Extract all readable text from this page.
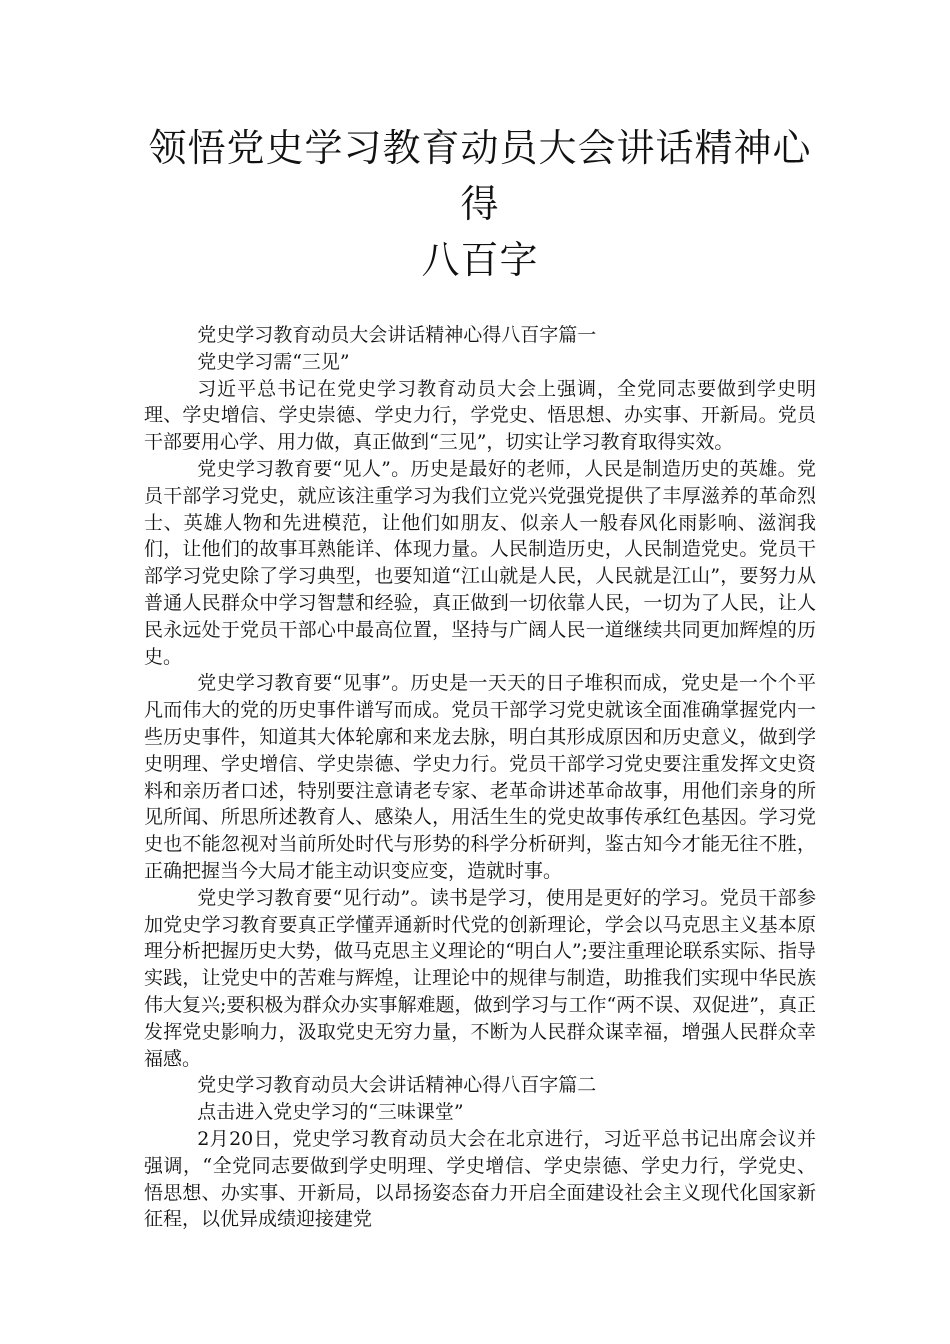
领悟党史学习教育动员大会讲话精神心得
八百字

党史学习教育动员大会讲话精神心得八百字篇一

党史学习需“三见”

习近平总书记在党史学习教育动员大会上强调，全党同志要做到学史明理、学史增信、学史崇德、学史力行，学党史、悟思想、办实事、开新局。党员干部要用心学、用力做，真正做到“三见”，切实让学习教育取得实效。

党史学习教育要“见人”。历史是最好的老师，人民是制造历史的英雄。党员干部学习党史，就应该注重学习为我们立党兴党强党提供了丰厚滋养的革命烈士、英雄人物和先进模范，让他们如朋友、似亲人一般春风化雨影响、滋润我们，让他们的故事耳熟能详、体现力量。人民制造历史，人民制造党史。党员干部学习党史除了学习典型，也要知道“江山就是人民，人民就是江山”，要努力从普通人民群众中学习智慧和经验，真正做到一切依靠人民，一切为了人民，让人民永远处于党员干部心中最高位置，坚持与广阔人民一道继续共同更加辉煌的历史。

党史学习教育要“见事”。历史是一天天的日子堆积而成，党史是一个个平凡而伟大的党的历史事件谱写而成。党员干部学习党史就该全面准确掌握党内一些历史事件，知道其大体轮廓和来龙去脉，明白其形成原因和历史意义，做到学史明理、学史增信、学史崇德、学史力行。党员干部学习党史要注重发挥文史资料和亲历者口述，特别要注意请老专家、老革命讲述革命故事，用他们亲身的所见所闻、所思所述教育人、感染人，用活生生的党史故事传承红色基因。学习党史也不能忽视对当前所处时代与形势的科学分析研判，鉴古知今才能无往不胜，正确把握当今大局才能主动识变应变，造就时事。

党史学习教育要“见行动”。读书是学习，使用是更好的学习。党员干部参加党史学习教育要真正学懂弄通新时代党的创新理论，学会以马克思主义基本原理分析把握历史大势，做马克思主义理论的“明白人”;要注重理论联系实际、指导实践，让党史中的苦难与辉煌，让理论中的规律与制造，助推我们实现中华民族伟大复兴;要积极为群众办实事解难题，做到学习与工作“两不误、双促进”，真正发挥党史影响力，汲取党史无穷力量，不断为人民群众谋幸福，增强人民群众幸福感。

党史学习教育动员大会讲话精神心得八百字篇二

点击进入党史学习的“三味课堂”

2月20日，党史学习教育动员大会在北京进行，习近平总书记出席会议并强调，“全党同志要做到学史明理、学史增信、学史崇德、学史力行，学党史、悟思想、办实事、开新局，以昂扬姿态奋力开启全面建设社会主义现代化国家新征程，以优异成绩迎接建党
